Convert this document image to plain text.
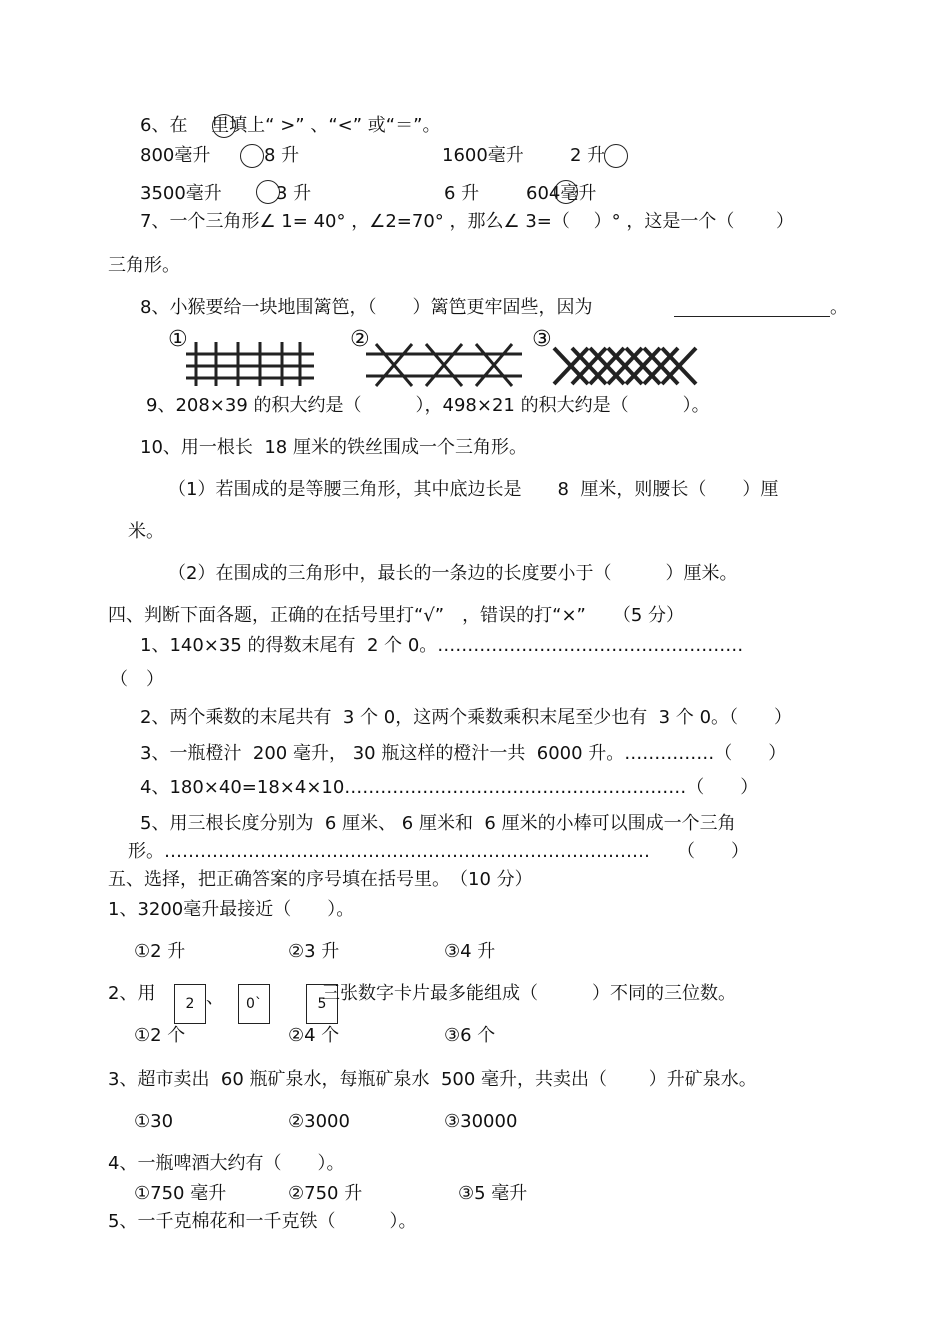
6、在 　里填上“ >” 、“<” 或“＝”。
800毫升	8 升	1600毫升	2 升
3500毫升	3 升	6 升	604毫升
7、一个三角形∠ 1= 40° ，∠2=70° ，那么∠ 3=（　 ）° ，这是一个（　　 ）
三角形。
8、小猴要给一块地围篱笆，（　　）篱笆更牢固些，因为	。
①	②	③
9、208×39 的积大约是（　　　），498×21 的积大约是（　　　）。
10、用一根长  18 厘米的铁丝围成一个三角形。
（1）若围成的是等腰三角形，其中底边长是　　8  厘米，则腰长（　　）厘
米。
（2）在围成的三角形中，最长的一条边的长度要小于（　　　）厘米。
四、判断下面各题，正确的在括号里打“√”　，错误的打“×”　　（5 分）
1、140×35 的得数末尾有  2 个 0。……………………………………………
（　）
2、两个乘数的末尾共有  3 个 0，这两个乘数乘积末尾至少也有  3 个 0。（　　）
3、一瓶橙汁  200 毫升， 30 瓶这样的橙汁一共  6000 升。……………（　　）
4、180×40=18×4×10…………………………………………………（　　）
5、用三根长度分别为  6 厘米、 6 厘米和  6 厘米的小棒可以围成一个三角
形。………………………………………………………………………　　（　　）
五、选择，把正确答案的序号填在括号里。　（10 分）
1、3200毫升最接近（　　）。
①2 升	②3 升	③4 升
2、用	2 、	0`	5
三张数字卡片最多能组成（　　　）不同的三位数。
①2 个	②4 个	③6 个
3、超市卖出  60 瓶矿泉水，每瓶矿泉水  500 毫升，共卖出（　　 ）升矿泉水。
①30	②3000	③30000
4、一瓶啤酒大约有（　　）。
①750 毫升	②750 升	③5 毫升
5、一千克棉花和一千克铁（　　　）。
